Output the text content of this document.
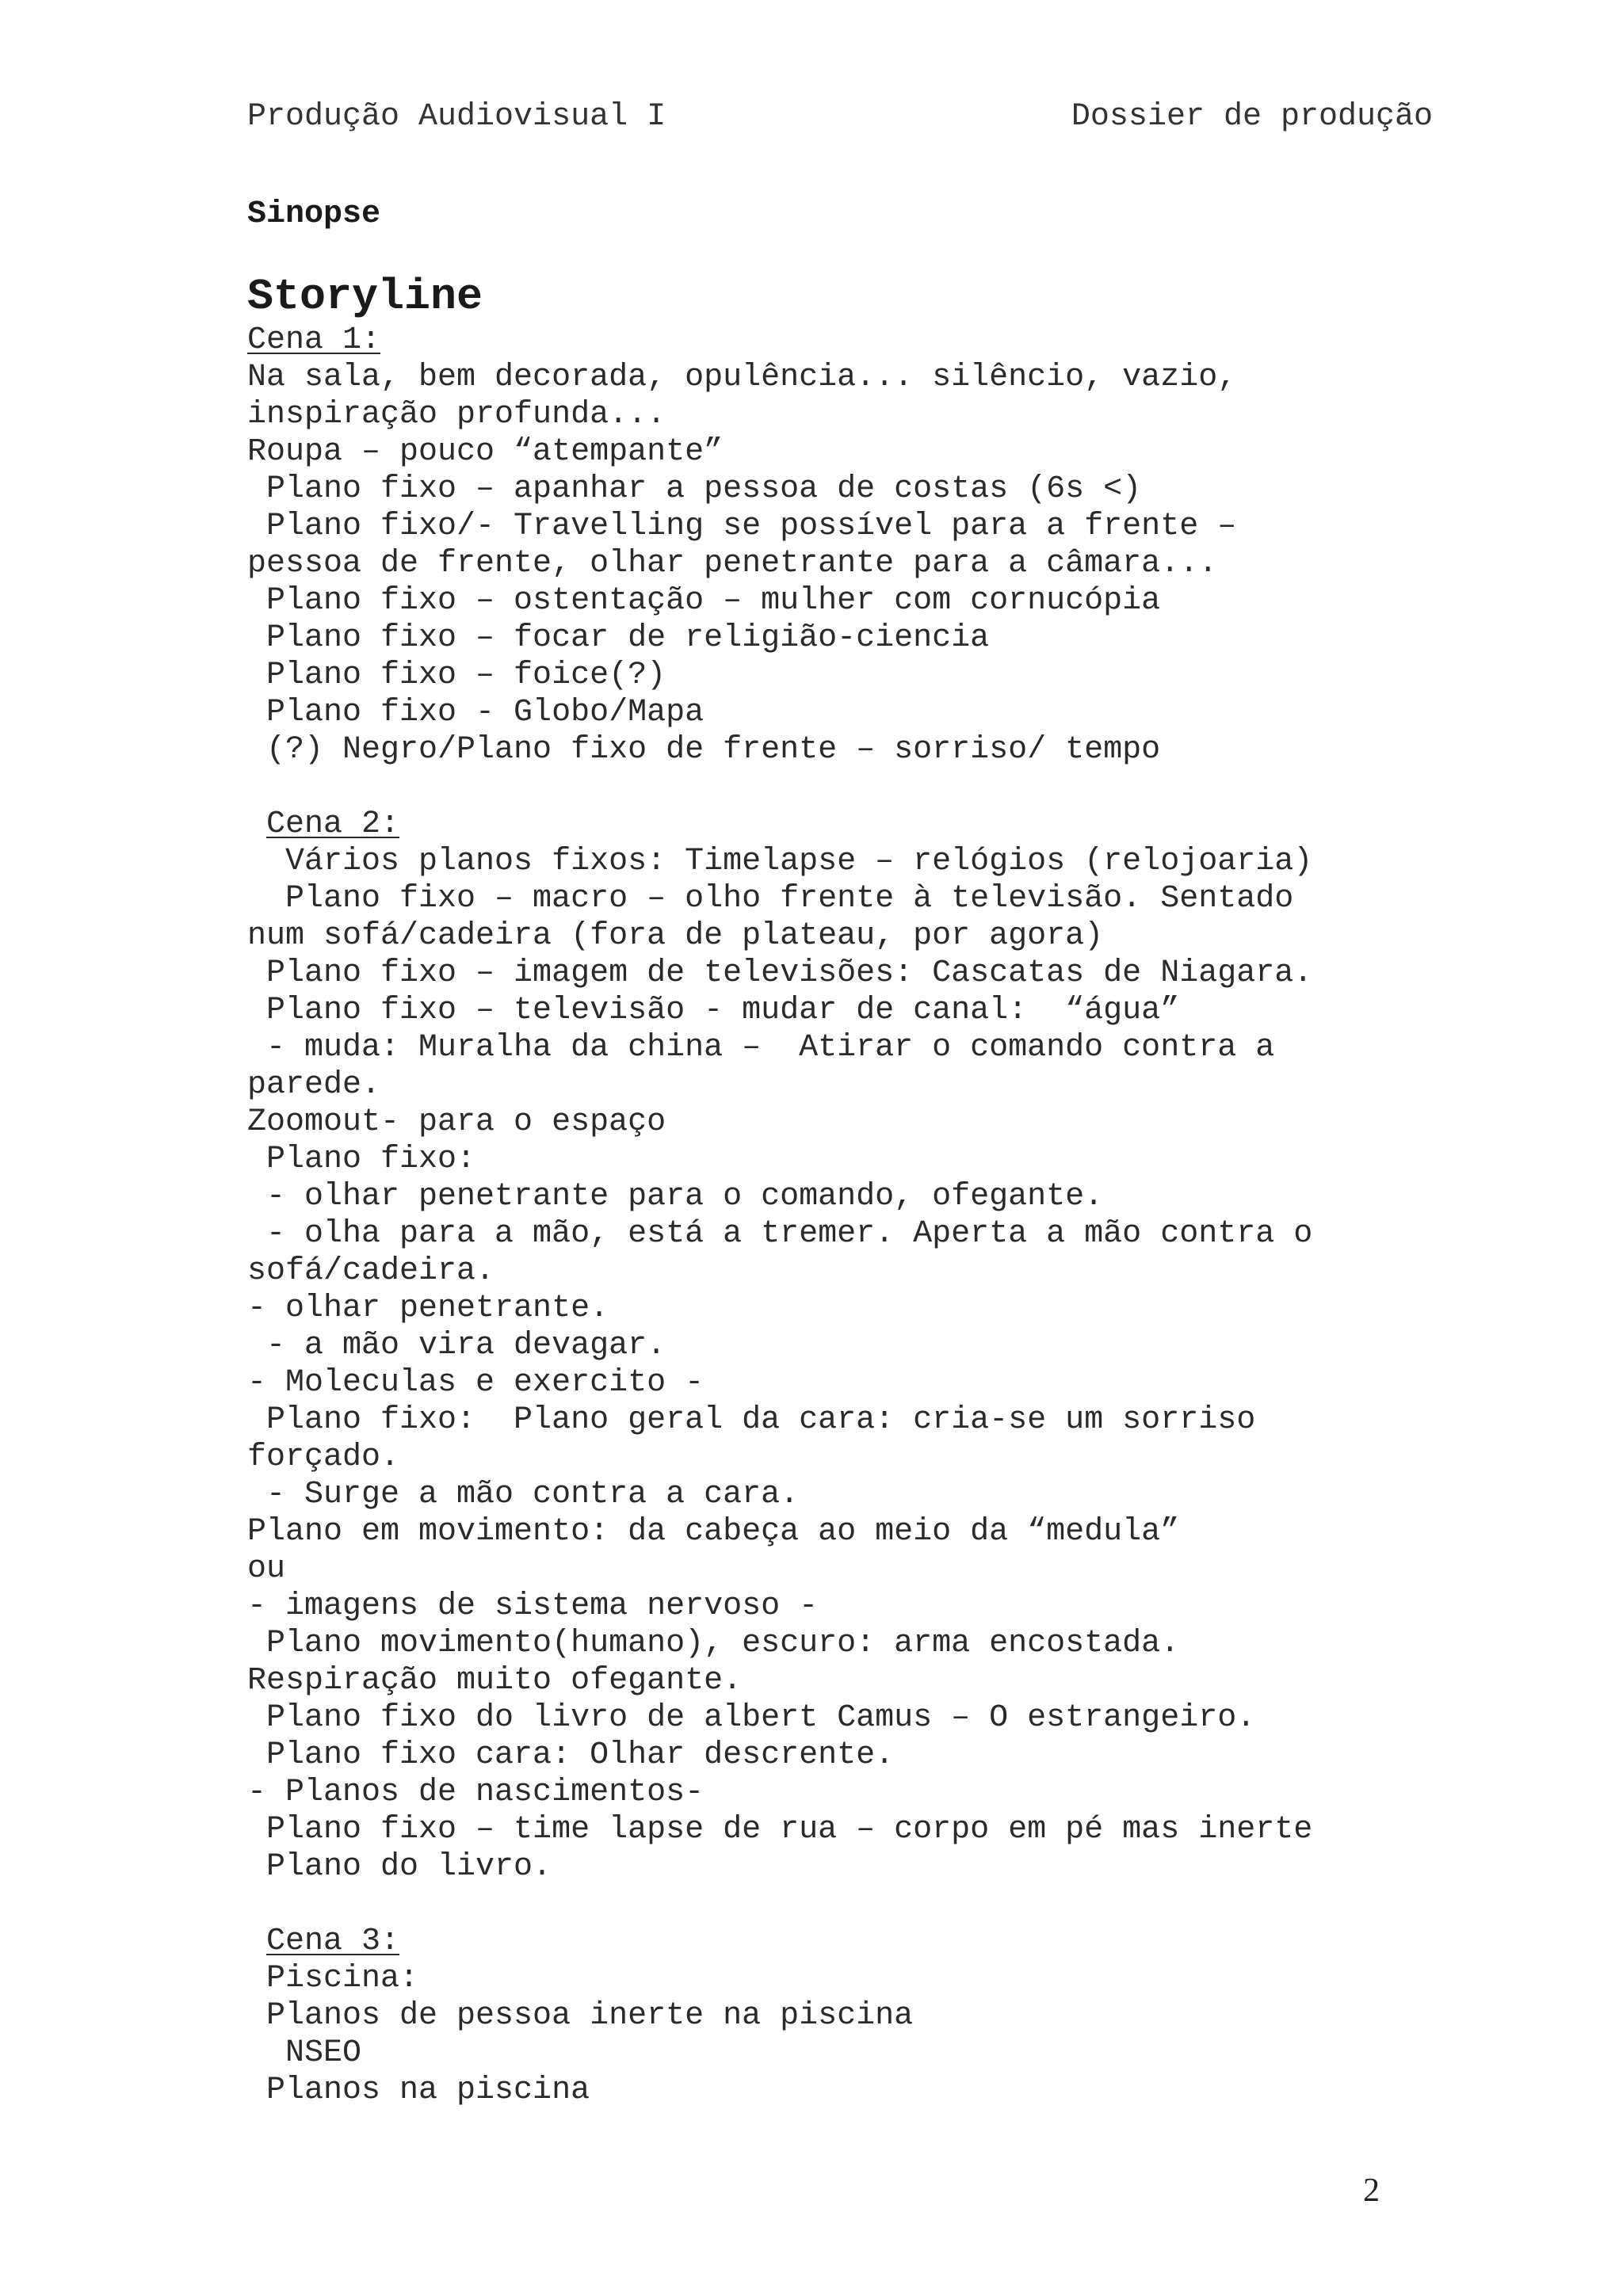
Produção Audiovisual I	Dossier de produção
Sinopse
Storyline
Cena 1:
Na sala, bem decorada, opulência... silêncio, vazio,
inspiração profunda...
Roupa – pouco “atempante”
Plano fixo – apanhar a pessoa de costas (6s <)
Plano fixo/- Travelling se possível para a frente –
pessoa de frente, olhar penetrante para a câmara...
Plano fixo – ostentação – mulher com cornucópia
Plano fixo – focar de religião-ciencia
Plano fixo – foice(?)
Plano fixo - Globo/Mapa
(?) Negro/Plano fixo de frente – sorriso/ tempo
Cena 2:
Vários planos fixos: Timelapse – relógios (relojoaria)
Plano fixo – macro – olho frente à televisão. Sentado
num sofá/cadeira (fora de plateau, por agora)
Plano fixo – imagem de televisões: Cascatas de Niagara.
Plano fixo – televisão - mudar de canal:  “água”
- muda: Muralha da china –  Atirar o comando contra a
parede.
Zoomout- para o espaço
Plano fixo:
- olhar penetrante para o comando, ofegante.
- olha para a mão, está a tremer. Aperta a mão contra o
sofá/cadeira.
- olhar penetrante.
- a mão vira devagar.
- Moleculas e exercito -
Plano fixo:  Plano geral da cara: cria-se um sorriso
forçado.
- Surge a mão contra a cara.
Plano em movimento: da cabeça ao meio da “medula”
ou
- imagens de sistema nervoso -
Plano movimento(humano), escuro: arma encostada.
Respiração muito ofegante.
Plano fixo do livro de albert Camus – O estrangeiro.
Plano fixo cara: Olhar descrente.
- Planos de nascimentos-
Plano fixo – time lapse de rua – corpo em pé mas inerte
Plano do livro.
Cena 3:
Piscina:
Planos de pessoa inerte na piscina
NSEO
Planos na piscina
2
